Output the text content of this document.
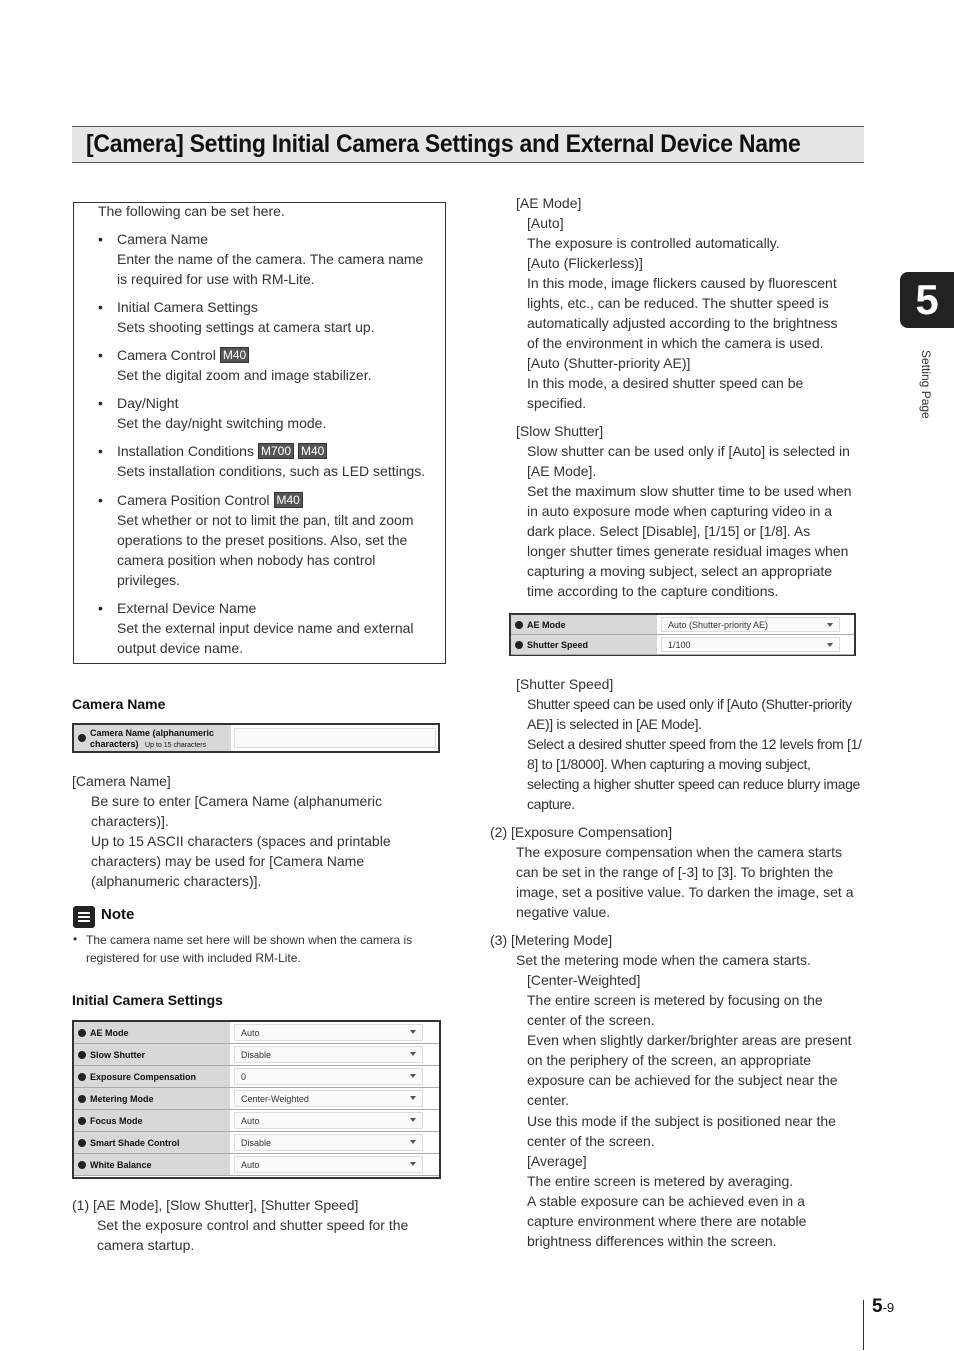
[Camera] Setting Initial Camera Settings and External Device Name
5
Setting Page
The following can be set here.
• Camera Name
Enter the name of the camera. The camera name
is required for use with RM-Lite.
• Initial Camera Settings
Sets shooting settings at camera start up.
• Camera Control M40
Set the digital zoom and image stabilizer.
• Day/Night
Set the day/night switching mode.
• Installation Conditions M700 M40
Sets installation conditions, such as LED settings.
• Camera Position Control M40
Set whether or not to limit the pan, tilt and zoom
operations to the preset positions. Also, set the
camera position when nobody has control
privileges.
• External Device Name
Set the external input device name and external
output device name.
Camera Name
Camera Name (alphanumeric
characters) Up to 15 characters
[Camera Name]
Be sure to enter [Camera Name (alphanumeric
characters)].
Up to 15 ASCII characters (spaces and printable
characters) may be used for [Camera Name
(alphanumeric characters)].
Note
• The camera name set here will be shown when the camera is
registered for use with included RM-Lite.
Initial Camera Settings
AE Mode	Auto
Slow Shutter	Disable
Exposure Compensation	0
Metering Mode	Center-Weighted
Focus Mode	Auto
Smart Shade Control	Disable
White Balance	Auto
(1) [AE Mode], [Slow Shutter], [Shutter Speed]
Set the exposure control and shutter speed for the
camera startup.
[AE Mode]
[Auto]
The exposure is controlled automatically.
[Auto (Flickerless)]
In this mode, image flickers caused by fluorescent
lights, etc., can be reduced. The shutter speed is
automatically adjusted according to the brightness
of the environment in which the camera is used.
[Auto (Shutter-priority AE)]
In this mode, a desired shutter speed can be
specified.
[Slow Shutter]
Slow shutter can be used only if [Auto] is selected in
[AE Mode].
Set the maximum slow shutter time to be used when
in auto exposure mode when capturing video in a
dark place. Select [Disable], [1/15] or [1/8]. As
longer shutter times generate residual images when
capturing a moving subject, select an appropriate
time according to the capture conditions.
[Shutter Speed]
Shutter speed can be used only if [Auto (Shutter-priority
AE)] is selected in [AE Mode].
Select a desired shutter speed from the 12 levels from [1/
8] to [1/8000]. When capturing a moving subject,
selecting a higher shutter speed can reduce blurry image
capture.
(2) [Exposure Compensation]
The exposure compensation when the camera starts
can be set in the range of [-3] to [3]. To brighten the
image, set a positive value. To darken the image, set a
negative value.
(3) [Metering Mode]
Set the metering mode when the camera starts.
[Center-Weighted]
The entire screen is metered by focusing on the
center of the screen.
Even when slightly darker/brighter areas are present
on the periphery of the screen, an appropriate
exposure can be achieved for the subject near the
center.
Use this mode if the subject is positioned near the
center of the screen.
[Average]
The entire screen is metered by averaging.
A stable exposure can be achieved even in a
capture environment where there are notable
brightness differences within the screen.
AE Mode	Auto (Shutter-priority AE)
Shutter Speed	1/100
5-9
